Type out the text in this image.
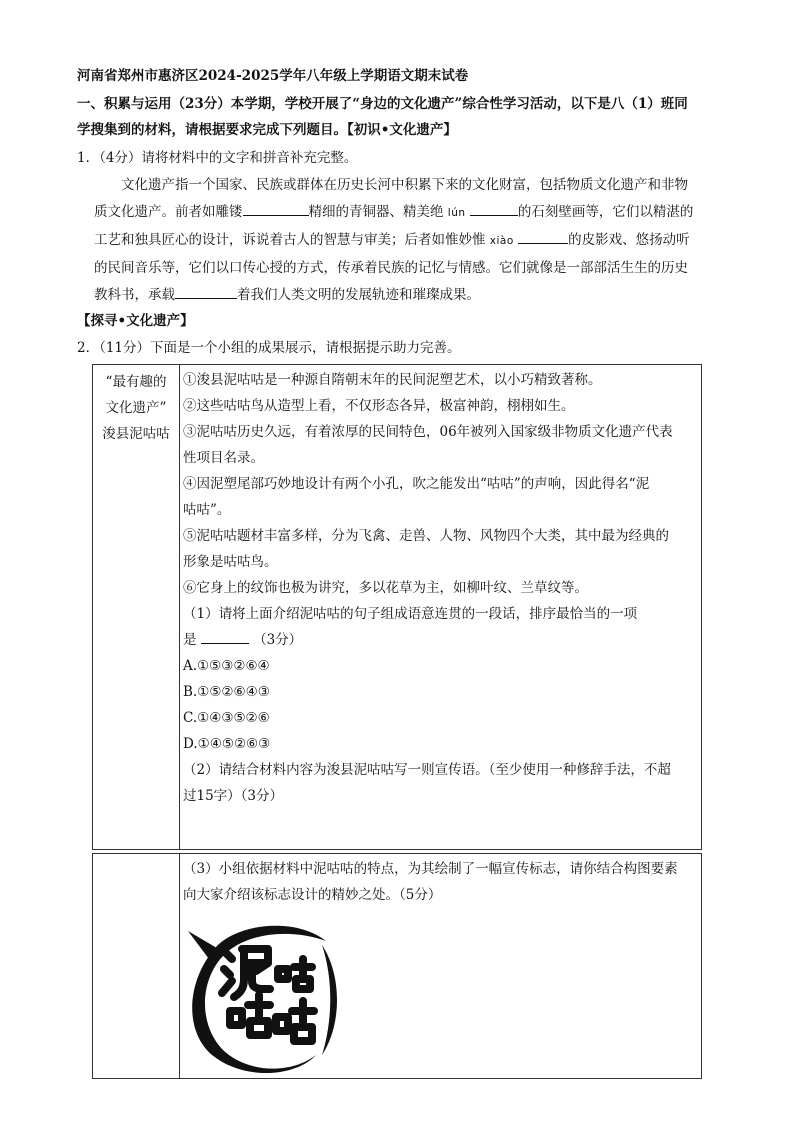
河南省郑州市惠济区2024-2025学年八年级上学期语文期末试卷
一、积累与运用（23分）本学期，学校开展了“身边的文化遗产”综合性学习活动，以下是八（1）班同
学搜集到的材料，请根据要求完成下列题目。【初识•文化遗产】
1．（4分）请将材料中的文字和拼音补充完整。
文化遗产指一个国家、民族或群体在历史长河中积累下来的文化财富，包括物质文化遗产和非物
质文化遗产。前者如雕镂	精细的青铜器、精美绝 lún	的石刻壁画等，它们以精湛的
工艺和独具匠心的设计，诉说着古人的智慧与审美；后者如惟妙惟 xiào	的皮影戏、悠扬动听
的民间音乐等，它们以口传心授的方式，传承着民族的记忆与情感。它们就像是一部部活生生的历史
教科书，承载	着我们人类文明的发展轨迹和璀璨成果。
【探寻•文化遗产】
2．（11分）下面是一个小组的成果展示，请根据提示助力完善。
“最有趣的
文化遗产”
浚县泥咕咕

①浚县泥咕咕是一种源自隋朝末年的民间泥塑艺术，以小巧精致著称。
②这些咕咕鸟从造型上看，不仅形态各异，极富神韵，栩栩如生。
③泥咕咕历史久远，有着浓厚的民间特色，06年被列入国家级非物质文化遗产代表
性项目名录。
④因泥塑尾部巧妙地设计有两个小孔，吹之能发出“咕咕”的声响，因此得名“泥
咕咕”。
⑤泥咕咕题材丰富多样，分为飞禽、走兽、人物、风物四个大类，其中最为经典的
形象是咕咕鸟。
⑥它身上的纹饰也极为讲究，多以花草为主，如柳叶纹、兰草纹等。
（1）请将上面介绍泥咕咕的句子组成语意连贯的一段话，排序最恰当的一项
是	（3分）
A.①⑤③②⑥④
B.①⑤②⑥④③
C.①④③⑤②⑥
D.①④⑤②⑥③
（2）请结合材料内容为浚县泥咕咕写一则宣传语。（至少使用一种修辞手法，不超
过15字）（3分）

（3）小组依据材料中泥咕咕的特点，为其绘制了一幅宣传标志，请你结合构图要素
向大家介绍该标志设计的精妙之处。（5分）
